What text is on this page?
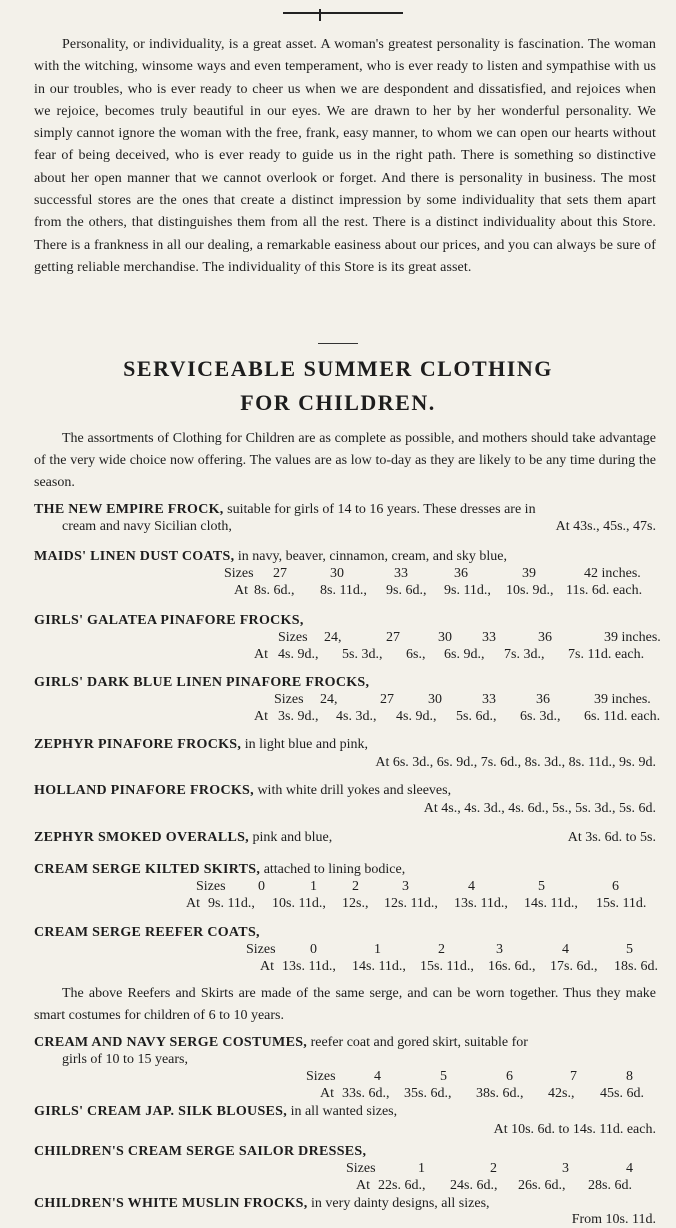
Personality, or individuality, is a great asset. A woman's greatest personality is fascination. The woman with the witching, winsome ways and even temperament, who is ever ready to listen and sympathise with us in our troubles, who is ever ready to cheer us when we are despondent and dissatisfied, and rejoices when we rejoice, becomes truly beautiful in our eyes. We are drawn to her by her wonderful personality. We simply cannot ignore the woman with the free, frank, easy manner, to whom we can open our hearts without fear of being deceived, who is ever ready to guide us in the right path. There is something so distinctive about her open manner that we cannot overlook or forget. And there is personality in business. The most successful stores are the ones that create a distinct impression by some individuality that sets them apart from the others, that distinguishes them from all the rest. There is a distinct individuality about this Store. There is a frankness in all our dealing, a remarkable easiness about our prices, and you can always be sure of getting reliable merchandise. The individuality of this Store is its great asset.

SERVICEABLE SUMMER CLOTHING
FOR CHILDREN.

The assortments of Clothing for Children are as complete as possible, and mothers should take advantage of the very wide choice now offering. The values are as low to-day as they are likely to be any time during the season.

THE NEW EMPIRE FROCK, suitable for girls of 14 to 16 years. These dresses are in
cream and navy Sicilian cloth,	At 43s., 45s., 47s.
MAIDS' LINEN DUST COATS, in navy, beaver, cinnamon, cream, and sky blue,
Sizes 27	30	33	36	39	42 inches.
At 8s. 6d., 8s. 11d., 9s. 6d., 9s. 11d., 10s. 9d., 11s. 6d. each.
GIRLS' GALATEA PINAFORE FROCKS,
Sizes 24,	27	30 33	36	39 inches.
At 4s. 9d., 5s. 3d., 6s., 6s. 9d., 7s. 3d., 7s. 11d. each.
GIRLS' DARK BLUE LINEN PINAFORE FROCKS,
Sizes 24,	27 30	33	36	39 inches.
At 3s. 9d., 4s. 3d., 4s. 9d., 5s. 6d., 6s. 3d., 6s. 11d. each.
ZEPHYR PINAFORE FROCKS, in light blue and pink,
At 6s. 3d., 6s. 9d., 7s. 6d., 8s. 3d., 8s. 11d., 9s. 9d.
HOLLAND PINAFORE FROCKS, with white drill yokes and sleeves,
At 4s., 4s. 3d., 4s. 6d., 5s., 5s. 3d., 5s. 6d.
ZEPHYR SMOKED OVERALLS, pink and blue,	At 3s. 6d. to 5s.
CREAM SERGE KILTED SKIRTS, attached to lining bodice,
Sizes 0	1	2	3	4	5	6
At 9s. 11d., 10s. 11d., 12s., 12s. 11d., 13s. 11d., 14s. 11d., 15s. 11d.
CREAM SERGE REEFER COATS,
Sizes 0	1	2	3	4	5
At 13s. 11d., 14s. 11d., 15s. 11d., 16s. 6d., 17s. 6d., 18s. 6d.

The above Reefers and Skirts are made of the same serge, and can be worn together. Thus they make smart costumes for children of 6 to 10 years.

CREAM AND NAVY SERGE COSTUMES, reefer coat and gored skirt, suitable for
girls of 10 to 15 years,
Sizes	4	5	6	7	8
At 33s. 6d., 35s. 6d., 38s. 6d., 42s., 45s. 6d.
GIRLS' CREAM JAP. SILK BLOUSES, in all wanted sizes,
At 10s. 6d. to 14s. 11d. each.
CHILDREN'S CREAM SERGE SAILOR DRESSES,
Sizes	1	2	3	4
At 22s. 6d., 24s. 6d., 26s. 6d., 28s. 6d.
CHILDREN'S WHITE MUSLIN FROCKS, in very dainty designs, all sizes,
From 10s. 11d.
